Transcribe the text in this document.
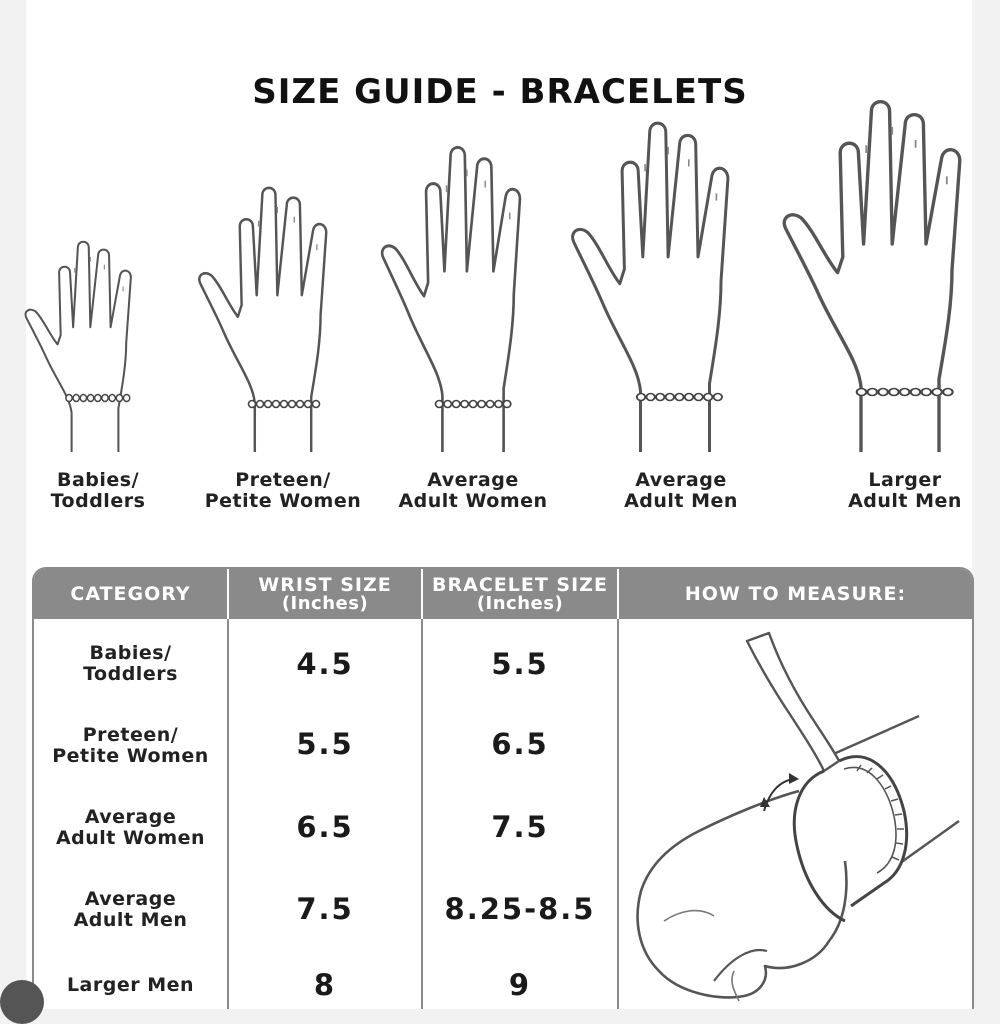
SIZE GUIDE - BRACELETS
Babies/
Toddlers
Preteen/
Petite Women
Average
Adult Women
Average
Adult Men
Larger
Adult Men
CATEGORY	WRIST SIZE
(Inches)
BRACELET SIZE
(Inches)	HOW TO MEASURE:
Babies/
Toddlers	4.5	5.5
Preteen/
Petite Women	5.5	6.5
Average
Adult Women	6.5	7.5
Average
Adult Men	7.5	8.25-8.5
Larger Men	8	9
